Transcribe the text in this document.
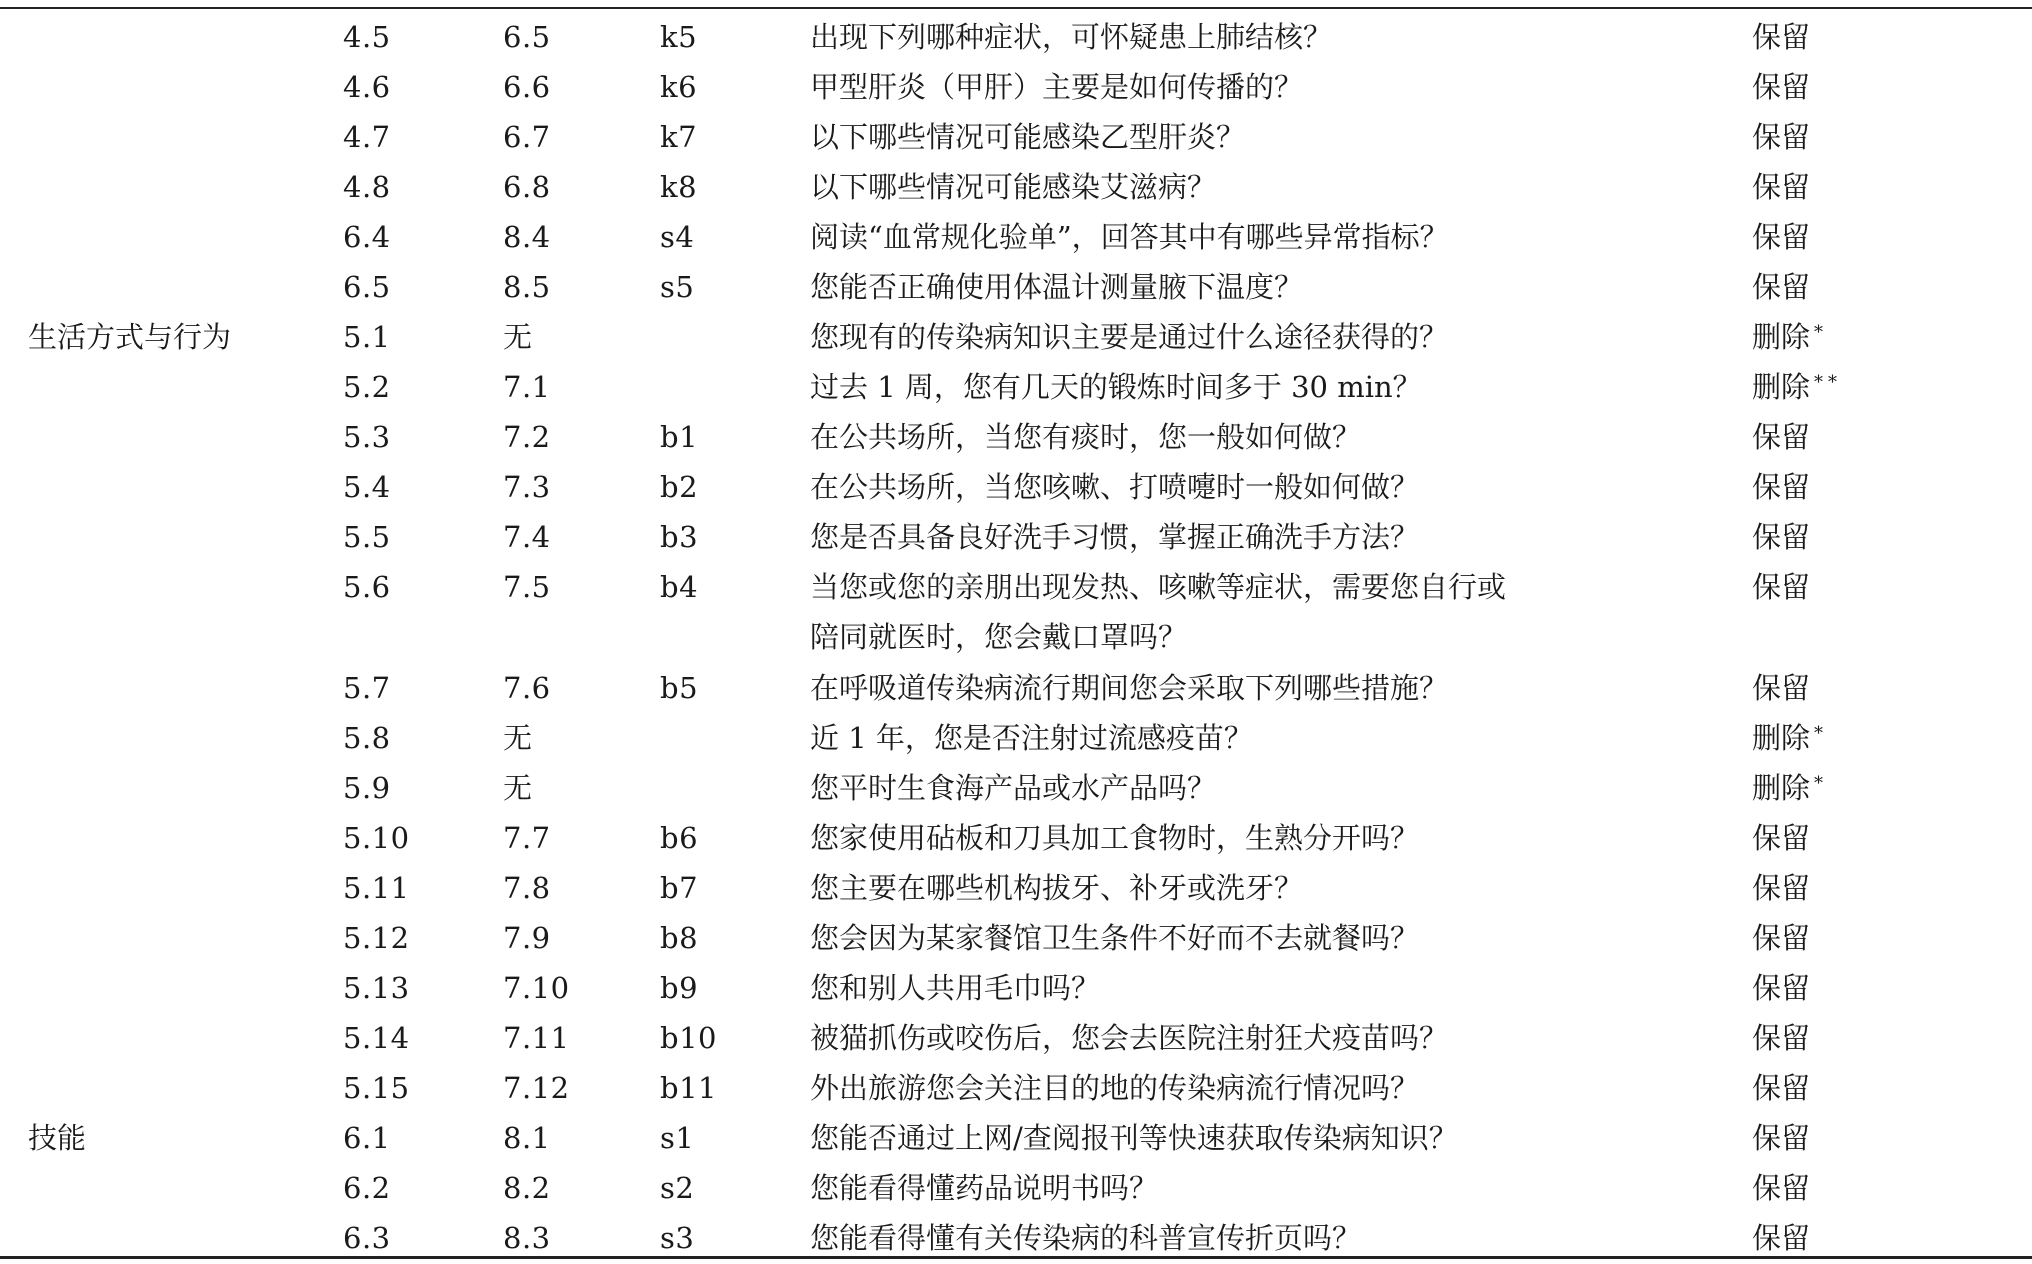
	4.5	6.5	k5	出现下列哪种症状，可怀疑患上肺结核？	保留
	4.6	6.6	k6	甲型肝炎（甲肝）主要是如何传播的？	保留
	4.7	6.7	k7	以下哪些情况可能感染乙型肝炎？	保留
	4.8	6.8	k8	以下哪些情况可能感染艾滋病？	保留
	6.4	8.4	s4	阅读“血常规化验单”，回答其中有哪些异常指标？	保留
	6.5	8.5	s5	您能否正确使用体温计测量腋下温度？	保留
生活方式与行为	5.1	无		您现有的传染病知识主要是通过什么途径获得的？	删除 *
	5.2	7.1		过去 1 周，您有几天的锻炼时间多于 30 min？	删除 **
	5.3	7.2	b1	在公共场所，当您有痰时，您一般如何做？	保留
	5.4	7.3	b2	在公共场所，当您咳嗽、打喷嚏时一般如何做？	保留
	5.5	7.4	b3	您是否具备良好洗手习惯，掌握正确洗手方法？	保留

	5.6	7.5	b4	当您或您的亲朋出现发热、咳嗽等症状，需要您自行或
陪同就医时，您会戴口罩吗？	保留

	5.7	7.6	b5	在呼吸道传染病流行期间您会采取下列哪些措施？	保留
	5.8	无		近 1 年，您是否注射过流感疫苗？	删除 *
	5.9	无		您平时生食海产品或水产品吗？	删除 *
	5.10	7.7	b6	您家使用砧板和刀具加工食物时，生熟分开吗？	保留
	5.11	7.8	b7	您主要在哪些机构拔牙、补牙或洗牙？	保留
	5.12	7.9	b8	您会因为某家餐馆卫生条件不好而不去就餐吗？	保留
	5.13	7.10	b9	您和别人共用毛巾吗？	保留
	5.14	7.11	b10	被猫抓伤或咬伤后，您会去医院注射狂犬疫苗吗？	保留
	5.15	7.12	b11	外出旅游您会关注目的地的传染病流行情况吗？	保留
技能	6.1	8.1	s1	您能否通过上网/查阅报刊等快速获取传染病知识？	保留
	6.2	8.2	s2	您能看得懂药品说明书吗？	保留
	6.3	8.3	s3	您能看得懂有关传染病的科普宣传折页吗？	保留
